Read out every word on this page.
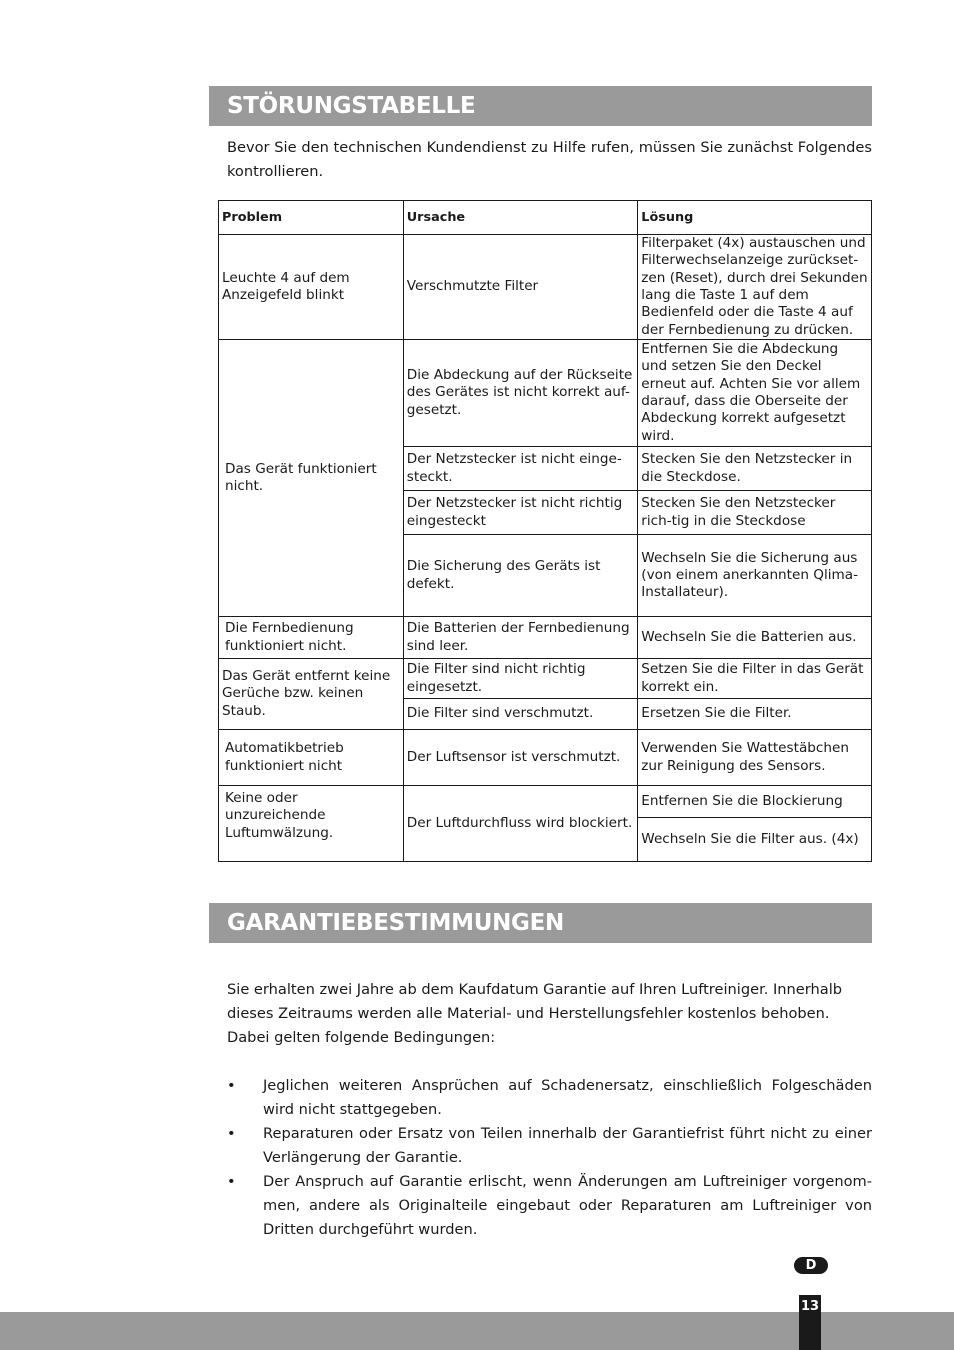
STÖRUNGSTABELLE
Bevor Sie den technischen Kundendienst zu Hilfe rufen, müssen Sie zunächst Folgendes kontrollieren.
Problem	Ursache	Lösung
Leuchte 4 auf dem Anzeigefeld blinkt	Verschmutzte Filter	Filterpaket (4x) austauschen und Filterwechselanzeige zurückset-zen (Reset), durch drei Sekunden lang die Taste 1 auf dem Bedienfeld oder die Taste 4 auf der Fernbedienung zu drücken.
Das Gerät funktioniert nicht.	Die Abdeckung auf der Rückseite des Gerätes ist nicht korrekt auf-gesetzt.	Entfernen Sie die Abdeckung und setzen Sie den Deckel erneut auf. Achten Sie vor allem darauf, dass die Oberseite der Abdeckung korrekt aufgesetzt wird.
	Der Netzstecker ist nicht einge-steckt.	Stecken Sie den Netzstecker in die Steckdose.
	Der Netzstecker ist nicht richtig eingesteckt	Stecken Sie den Netzstecker rich-tig in die Steckdose
	Die Sicherung des Geräts ist defekt.	Wechseln Sie die Sicherung aus (von einem anerkannten Qlima-Installateur).
Die Fernbedienung funktioniert nicht.	Die Batterien der Fernbedienung sind leer.	Wechseln Sie die Batterien aus.
Das Gerät entfernt keine Gerüche bzw. keinen Staub.	Die Filter sind nicht richtig eingesetzt.	Setzen Sie die Filter in das Gerät korrekt ein.
	Die Filter sind verschmutzt.	Ersetzen Sie die Filter.
Automatikbetrieb funktioniert nicht	Der Luftsensor ist verschmutzt.	Verwenden Sie Wattestäbchen zur Reinigung des Sensors.
Keine oder unzureichende Luftumwälzung.	Der Luftdurchfluss wird blockiert.	Entfernen Sie die Blockierung
		Wechseln Sie die Filter aus. (4x)
GARANTIEBESTIMMUNGEN

Sie erhalten zwei Jahre ab dem Kaufdatum Garantie auf Ihren Luftreiniger. Innerhalb

dieses Zeitraums werden alle Material- und Herstellungsfehler kostenlos behoben.

Dabei gelten folgende Bedingungen:

• Jeglichen weiteren Ansprüchen auf Schadenersatz, einschließlich Folgeschäden wird nicht stattgegeben.
• Reparaturen oder Ersatz von Teilen innerhalb der Garantiefrist führt nicht zu einer Verlängerung der Garantie.
• Der Anspruch auf Garantie erlischt, wenn Änderungen am Luftreiniger vorgenom-men, andere als Originalteile eingebaut oder Reparaturen am Luftreiniger von Dritten durchgeführt wurden.
D
13
